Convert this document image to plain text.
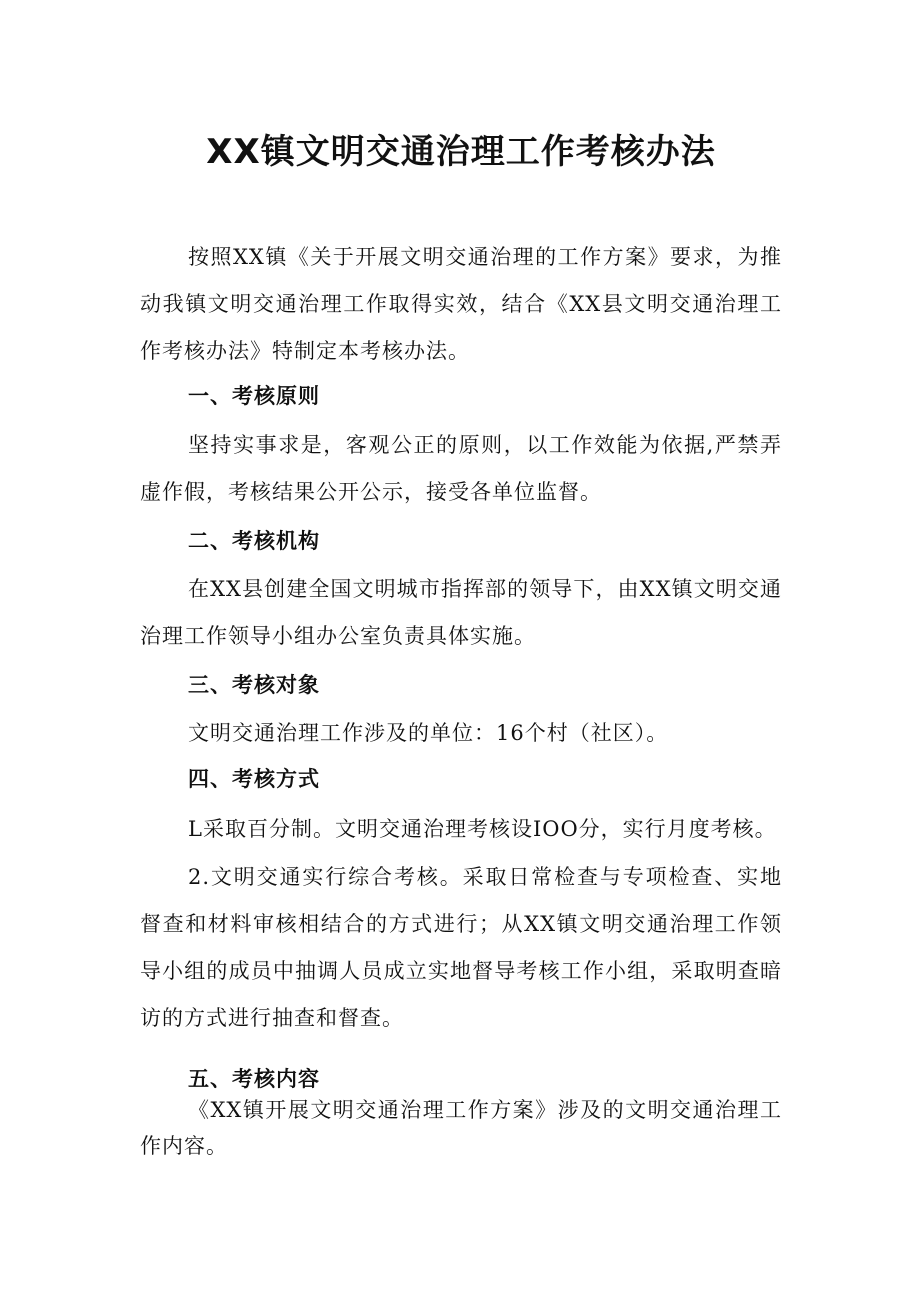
XX镇文明交通治理工作考核办法
按照XX镇《关于开展文明交通治理的工作方案》要求，为推动我镇文明交通治理工作取得实效，结合《XX县文明交通治理工作考核办法》特制定本考核办法。
一、考核原则
坚持实事求是，客观公正的原则，以工作效能为依据,严禁弄虚作假，考核结果公开公示，接受各单位监督。
二、考核机构
在XX县创建全国文明城市指挥部的领导下，由XX镇文明交通治理工作领导小组办公室负责具体实施。
三、考核对象
文明交通治理工作涉及的单位：16个村（社区）。
四、考核方式
L采取百分制。文明交通治理考核设IOO分，实行月度考核。
2.文明交通实行综合考核。采取日常检查与专项检查、实地督查和材料审核相结合的方式进行；从XX镇文明交通治理工作领导小组的成员中抽调人员成立实地督导考核工作小组，采取明查暗访的方式进行抽查和督查。
五、考核内容
《XX镇开展文明交通治理工作方案》涉及的文明交通治理工作内容。
